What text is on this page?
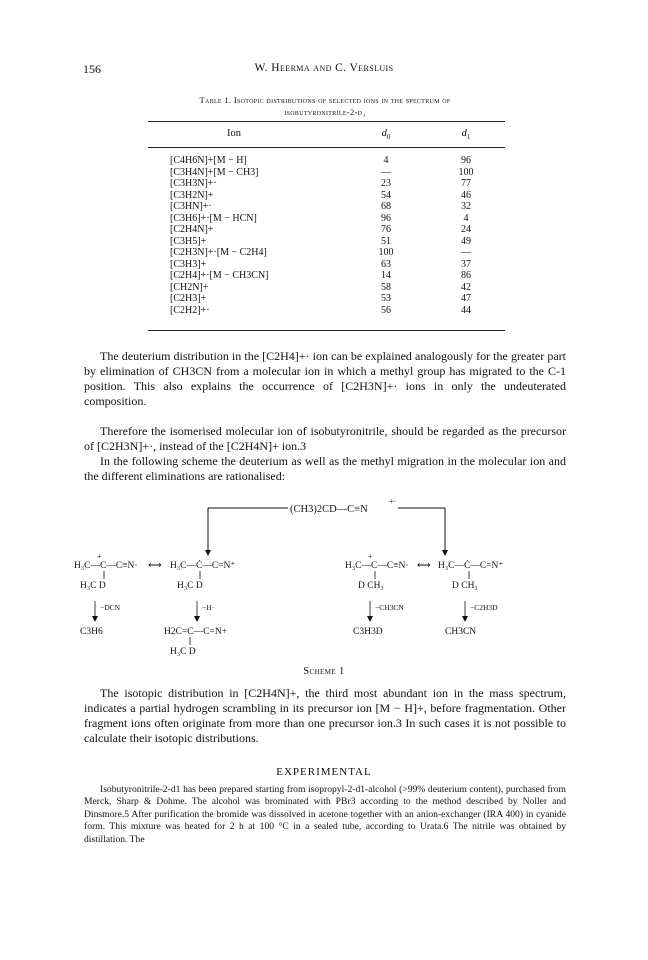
156	W. Heerma and C. Versluis
Table 1. Isotopic distributions of selected ions in the spectrum of
isobutyronitrile-2-d₁
Ion	$d_0$	$d_1$
[C4H6N]+[M − H]	4	96
[C3H4N]+[M − CH3]	—	100
[C3H3N]+·	23	77
[C3H2N]+	54	46
[C3HN]+·	68	32
[C3H6]+·[M − HCN]	96	4
[C2H4N]+	76	24
[C3H5]+	51	49
[C2H3N]+·[M − C2H4]	100	—
[C3H3]+	63	37
[C2H4]+·[M − CH3CN]	14	86
[CH2N]+	58	42
[C2H3]+	53	47
[C2H2]+·	56	44
The deuterium distribution in the [C2H4]+· ion can be explained analogously for the greater part by elimination of CH3CN from a molecular ion in which a methyl group has migrated to the C-1 position. This also explains the occurrence of [C2H3N]+· ions in only the undeuterated composition.
Therefore the isomerised molecular ion of isobutyronitrile, should be regarded as the precursor of [C2H3N]+·, instead of the [C2H4N]+ ion.3
In the following scheme the deuterium as well as the methyl migration in the molecular ion and the different eliminations are rationalised:
(CH3)2CD—C≡N
+·
H₃C—C—C≡N·
+
⟷
H₃C D
−DCN
C3H6
H₃C—Ċ—C=N⁺
H₃C D
−H·
H2C=C—C=N+
H₃C D
H₃C—C—C≡N·
+
⟷
D CH₃
−CH3CN
C3H3D
H₃C—Ċ—C=N⁺
D CH₃
−C2H3D
CH3CN
Scheme 1
The isotopic distribution in [C2H4N]+, the third most abundant ion in the mass spectrum, indicates a partial hydrogen scrambling in its precursor ion [M − H]+, before fragmentation. Other fragment ions often originate from more than one precursor ion.3 In such cases it is not possible to calculate their isotopic distributions.
EXPERIMENTAL
Isobutyronitrile-2-d1 has been prepared starting from isopropyl-2-d1-alcohol (>99% deuterium content), purchased from Merck, Sharp & Dohme. The alcohol was brominated with PBr3 according to the method described by Noller and Dinsmore.5 After purification the bromide was dissolved in acetone together with an anion-exchanger (IRA 400) in cyanide form. This mixture was heated for 2 h at 100 °C in a sealed tube, according to Urata.6 The nitrile was obtained by distillation. The
